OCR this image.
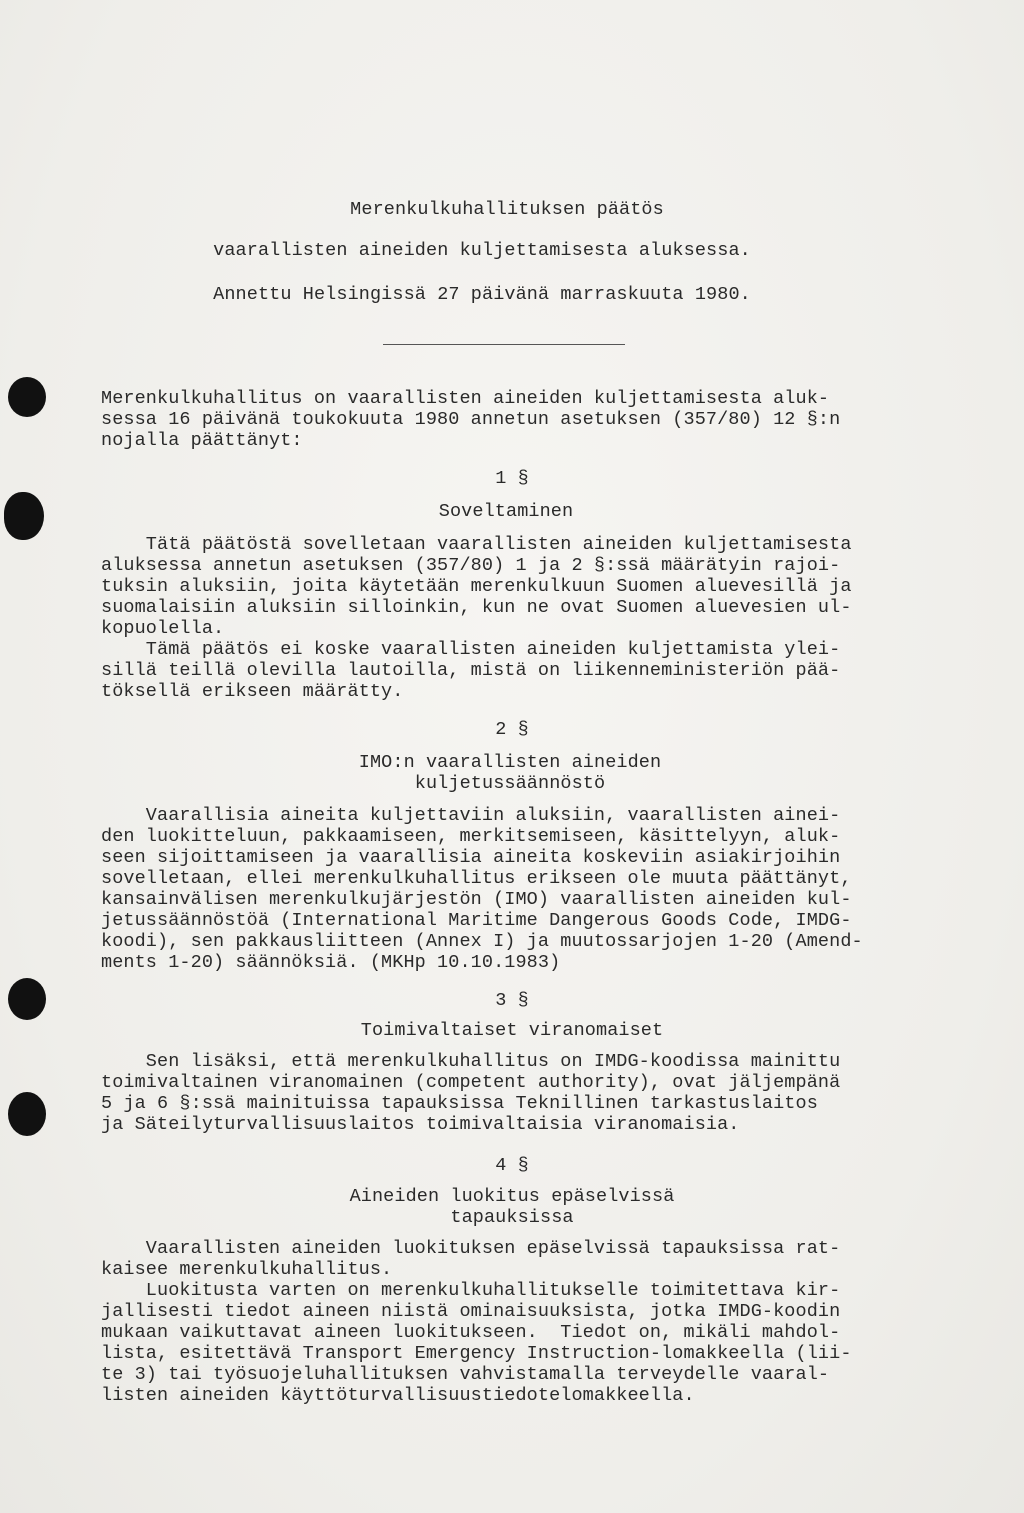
Merenkulkuhallituksen päätös

vaarallisten aineiden kuljettamisesta aluksessa.

Annettu Helsingissä 27 päivänä marraskuuta 1980.

Merenkulkuhallitus on vaarallisten aineiden kuljettamisesta aluk-

sessa 16 päivänä toukokuuta 1980 annetun asetuksen (357/80) 12 §:n

nojalla päättänyt:

1 §

Soveltaminen

Tätä päätöstä sovelletaan vaarallisten aineiden kuljettamisesta

aluksessa annetun asetuksen (357/80) 1 ja 2 §:ssä määrätyin rajoi-

tuksin aluksiin, joita käytetään merenkulkuun Suomen aluevesillä ja

suomalaisiin aluksiin silloinkin, kun ne ovat Suomen aluevesien ul-

kopuolella.

Tämä päätös ei koske vaarallisten aineiden kuljettamista ylei-

sillä teillä olevilla lautoilla, mistä on liikenneministeriön pää-

töksellä erikseen määrätty.

2 §

IMO:n vaarallisten aineiden

kuljetussäännöstö

Vaarallisia aineita kuljettaviin aluksiin, vaarallisten ainei-

den luokitteluun, pakkaamiseen, merkitsemiseen, käsittelyyn, aluk-

seen sijoittamiseen ja vaarallisia aineita koskeviin asiakirjoihin

sovelletaan, ellei merenkulkuhallitus erikseen ole muuta päättänyt,

kansainvälisen merenkulkujärjestön (IMO) vaarallisten aineiden kul-

jetussäännöstöä (International Maritime Dangerous Goods Code, IMDG-

koodi), sen pakkausliitteen (Annex I) ja muutossarjojen 1-20 (Amend-

ments 1-20) säännöksiä. (MKHp 10.10.1983)

3 §

Toimivaltaiset viranomaiset

Sen lisäksi, että merenkulkuhallitus on IMDG-koodissa mainittu

toimivaltainen viranomainen (competent authority), ovat jäljempänä

5 ja 6 §:ssä mainituissa tapauksissa Teknillinen tarkastuslaitos

ja Säteilyturvallisuuslaitos toimivaltaisia viranomaisia.

4 §

Aineiden luokitus epäselvissä

tapauksissa

Vaarallisten aineiden luokituksen epäselvissä tapauksissa rat-

kaisee merenkulkuhallitus.

Luokitusta varten on merenkulkuhallitukselle toimitettava kir-

jallisesti tiedot aineen niistä ominaisuuksista, jotka IMDG-koodin

mukaan vaikuttavat aineen luokitukseen.  Tiedot on, mikäli mahdol-

lista, esitettävä Transport Emergency Instruction-lomakkeella (lii-

te 3) tai työsuojeluhallituksen vahvistamalla terveydelle vaaral-

listen aineiden käyttöturvallisuustiedotelomakkeella.
